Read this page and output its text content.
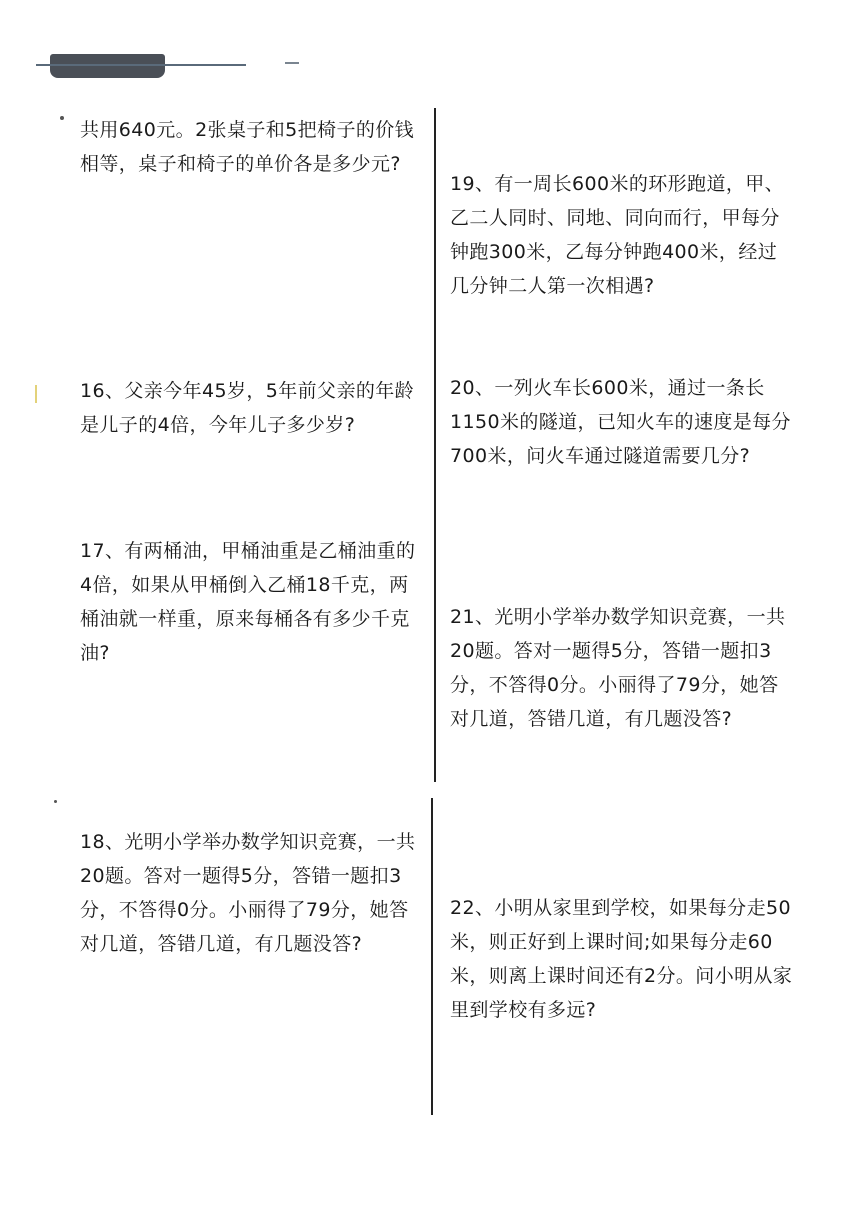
共用640元。2张桌子和5把椅子的价钱相等，桌子和椅子的单价各是多少元?

16、父亲今年45岁，5年前父亲的年龄是儿子的4倍，今年儿子多少岁?

17、有两桶油，甲桶油重是乙桶油重的4倍，如果从甲桶倒入乙桶18千克，两桶油就一样重，原来每桶各有多少千克油?

18、光明小学举办数学知识竞赛，一共20题。答对一题得5分，答错一题扣3分，不答得0分。小丽得了79分，她答对几道，答错几道，有几题没答?

19、有一周长600米的环形跑道，甲、乙二人同时、同地、同向而行，甲每分钟跑300米，乙每分钟跑400米，经过几分钟二人第一次相遇?

20、一列火车长600米，通过一条长1150米的隧道，已知火车的速度是每分700米，问火车通过隧道需要几分?

21、光明小学举办数学知识竞赛，一共20题。答对一题得5分，答错一题扣3分，不答得0分。小丽得了79分，她答对几道，答错几道，有几题没答?

22、小明从家里到学校，如果每分走50米，则正好到上课时间;如果每分走60米，则离上课时间还有2分。问小明从家里到学校有多远?
